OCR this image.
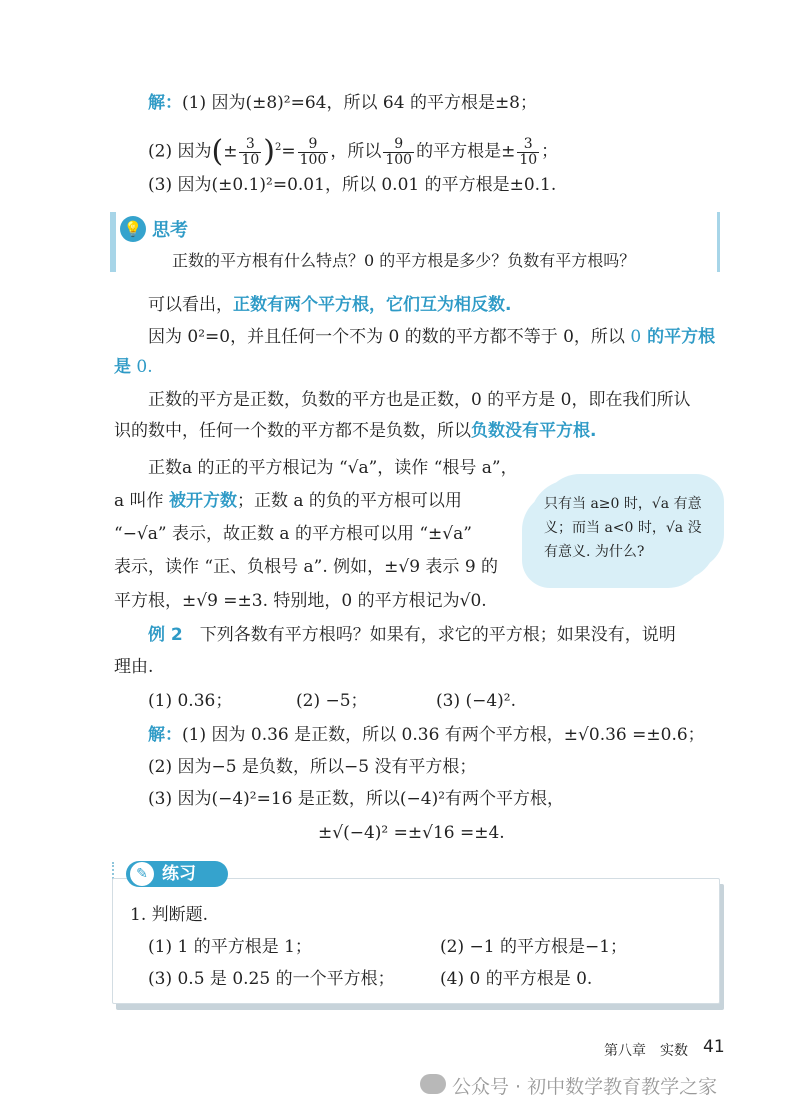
解：(1) 因为(±8)²=64，所以 64 的平方根是±8；
(2) 因为(± $\frac{3}{10} )^2= \frac{9}{100}$ ，所以 $\frac{9}{100}$ 的平方根是± $\frac{3}{10}$ ；
(3) 因为(±0.1)²=0.01，所以 0.01 的平方根是±0.1.
💡 思考
正数的平方根有什么特点？0 的平方根是多少？负数有平方根吗？
可以看出，正数有两个平方根，它们互为相反数.
因为 0²=0，并且任何一个不为 0 的数的平方都不等于 0，所以 0 的平方根
是 0.
正数的平方是正数，负数的平方也是正数，0 的平方是 0，即在我们所认
识的数中，任何一个数的平方都不是负数，所以负数没有平方根.
正数a 的正的平方根记为 “√a”，读作 “根号 a”，
a 叫作 被开方数；正数 a 的负的平方根可以用
“−√a” 表示，故正数 a 的平方根可以用 “±√a”
表示，读作 “正、负根号 a”. 例如，±√9 表示 9 的
平方根，±√9 =±3. 特别地，0 的平方根记为√0.
只有当 a≥0 时，√a 有意义；而当 a<0 时，√a 没有意义. 为什么?
例 2　 下列各数有平方根吗？如果有，求它的平方根；如果没有，说明
理由.
(1) 0.36；	(2) −5；	(3) (−4)².
解：(1) 因为 0.36 是正数，所以 0.36 有两个平方根，±√0.36 =±0.6；
(2) 因为−5 是负数，所以−5 没有平方根；
(3) 因为(−4)²=16 是正数，所以(−4)²有两个平方根，
±√(−4)² =±√16 =±4.
✎ 练习
1. 判断题.
(1) 1 的平方根是 1；	(2) −1 的平方根是−1；
(3) 0.5 是 0.25 的一个平方根；	(4) 0 的平方根是 0.
第八章　实数 41
公众号 · 初中数学教育教学之家
